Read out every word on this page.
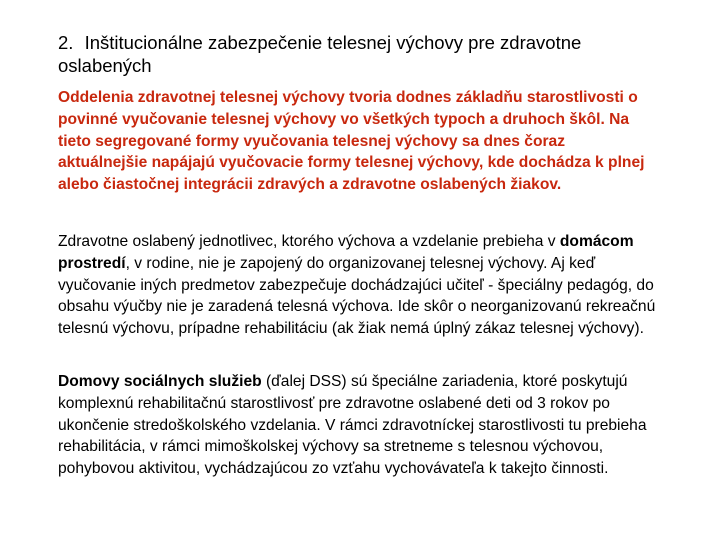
2. Inštitucionálne zabezpečenie telesnej výchovy pre zdravotne oslabených

Oddelenia zdravotnej telesnej výchovy tvoria dodnes základňu starostlivosti o povinné vyučovanie telesnej výchovy vo všetkých typoch a druhoch škôl. Na tieto segregované formy vyučovania telesnej výchovy sa dnes čoraz aktuálnejšie napájajú vyučovacie formy telesnej výchovy, kde dochádza k plnej alebo čiastočnej integrácii zdravých a zdravotne oslabených žiakov.

Zdravotne oslabený jednotlivec, ktorého výchova a vzdelanie prebieha v domácom prostredí, v rodine, nie je zapojený do organizovanej telesnej výchovy. Aj keď vyučovanie iných predmetov zabezpečuje dochádzajúci učiteľ - špeciálny pedagóg, do obsahu výučby nie je zaradená telesná výchova. Ide skôr o neorganizovanú rekreačnú telesnú výchovu, prípadne rehabilitáciu (ak žiak nemá úplný zákaz telesnej výchovy).

Domovy sociálnych služieb (ďalej DSS) sú špeciálne zariadenia, ktoré poskytujú komplexnú rehabilitačnú starostlivosť pre zdravotne oslabené deti od 3 rokov po ukončenie stredoškolského vzdelania. V rámci zdravotníckej starostlivosti tu prebieha rehabilitácia, v rámci mimoškolskej výchovy sa stretneme s telesnou výchovou, pohybovou aktivitou, vychádzajúcou zo vzťahu vychovávateľa k takejto činnosti.
